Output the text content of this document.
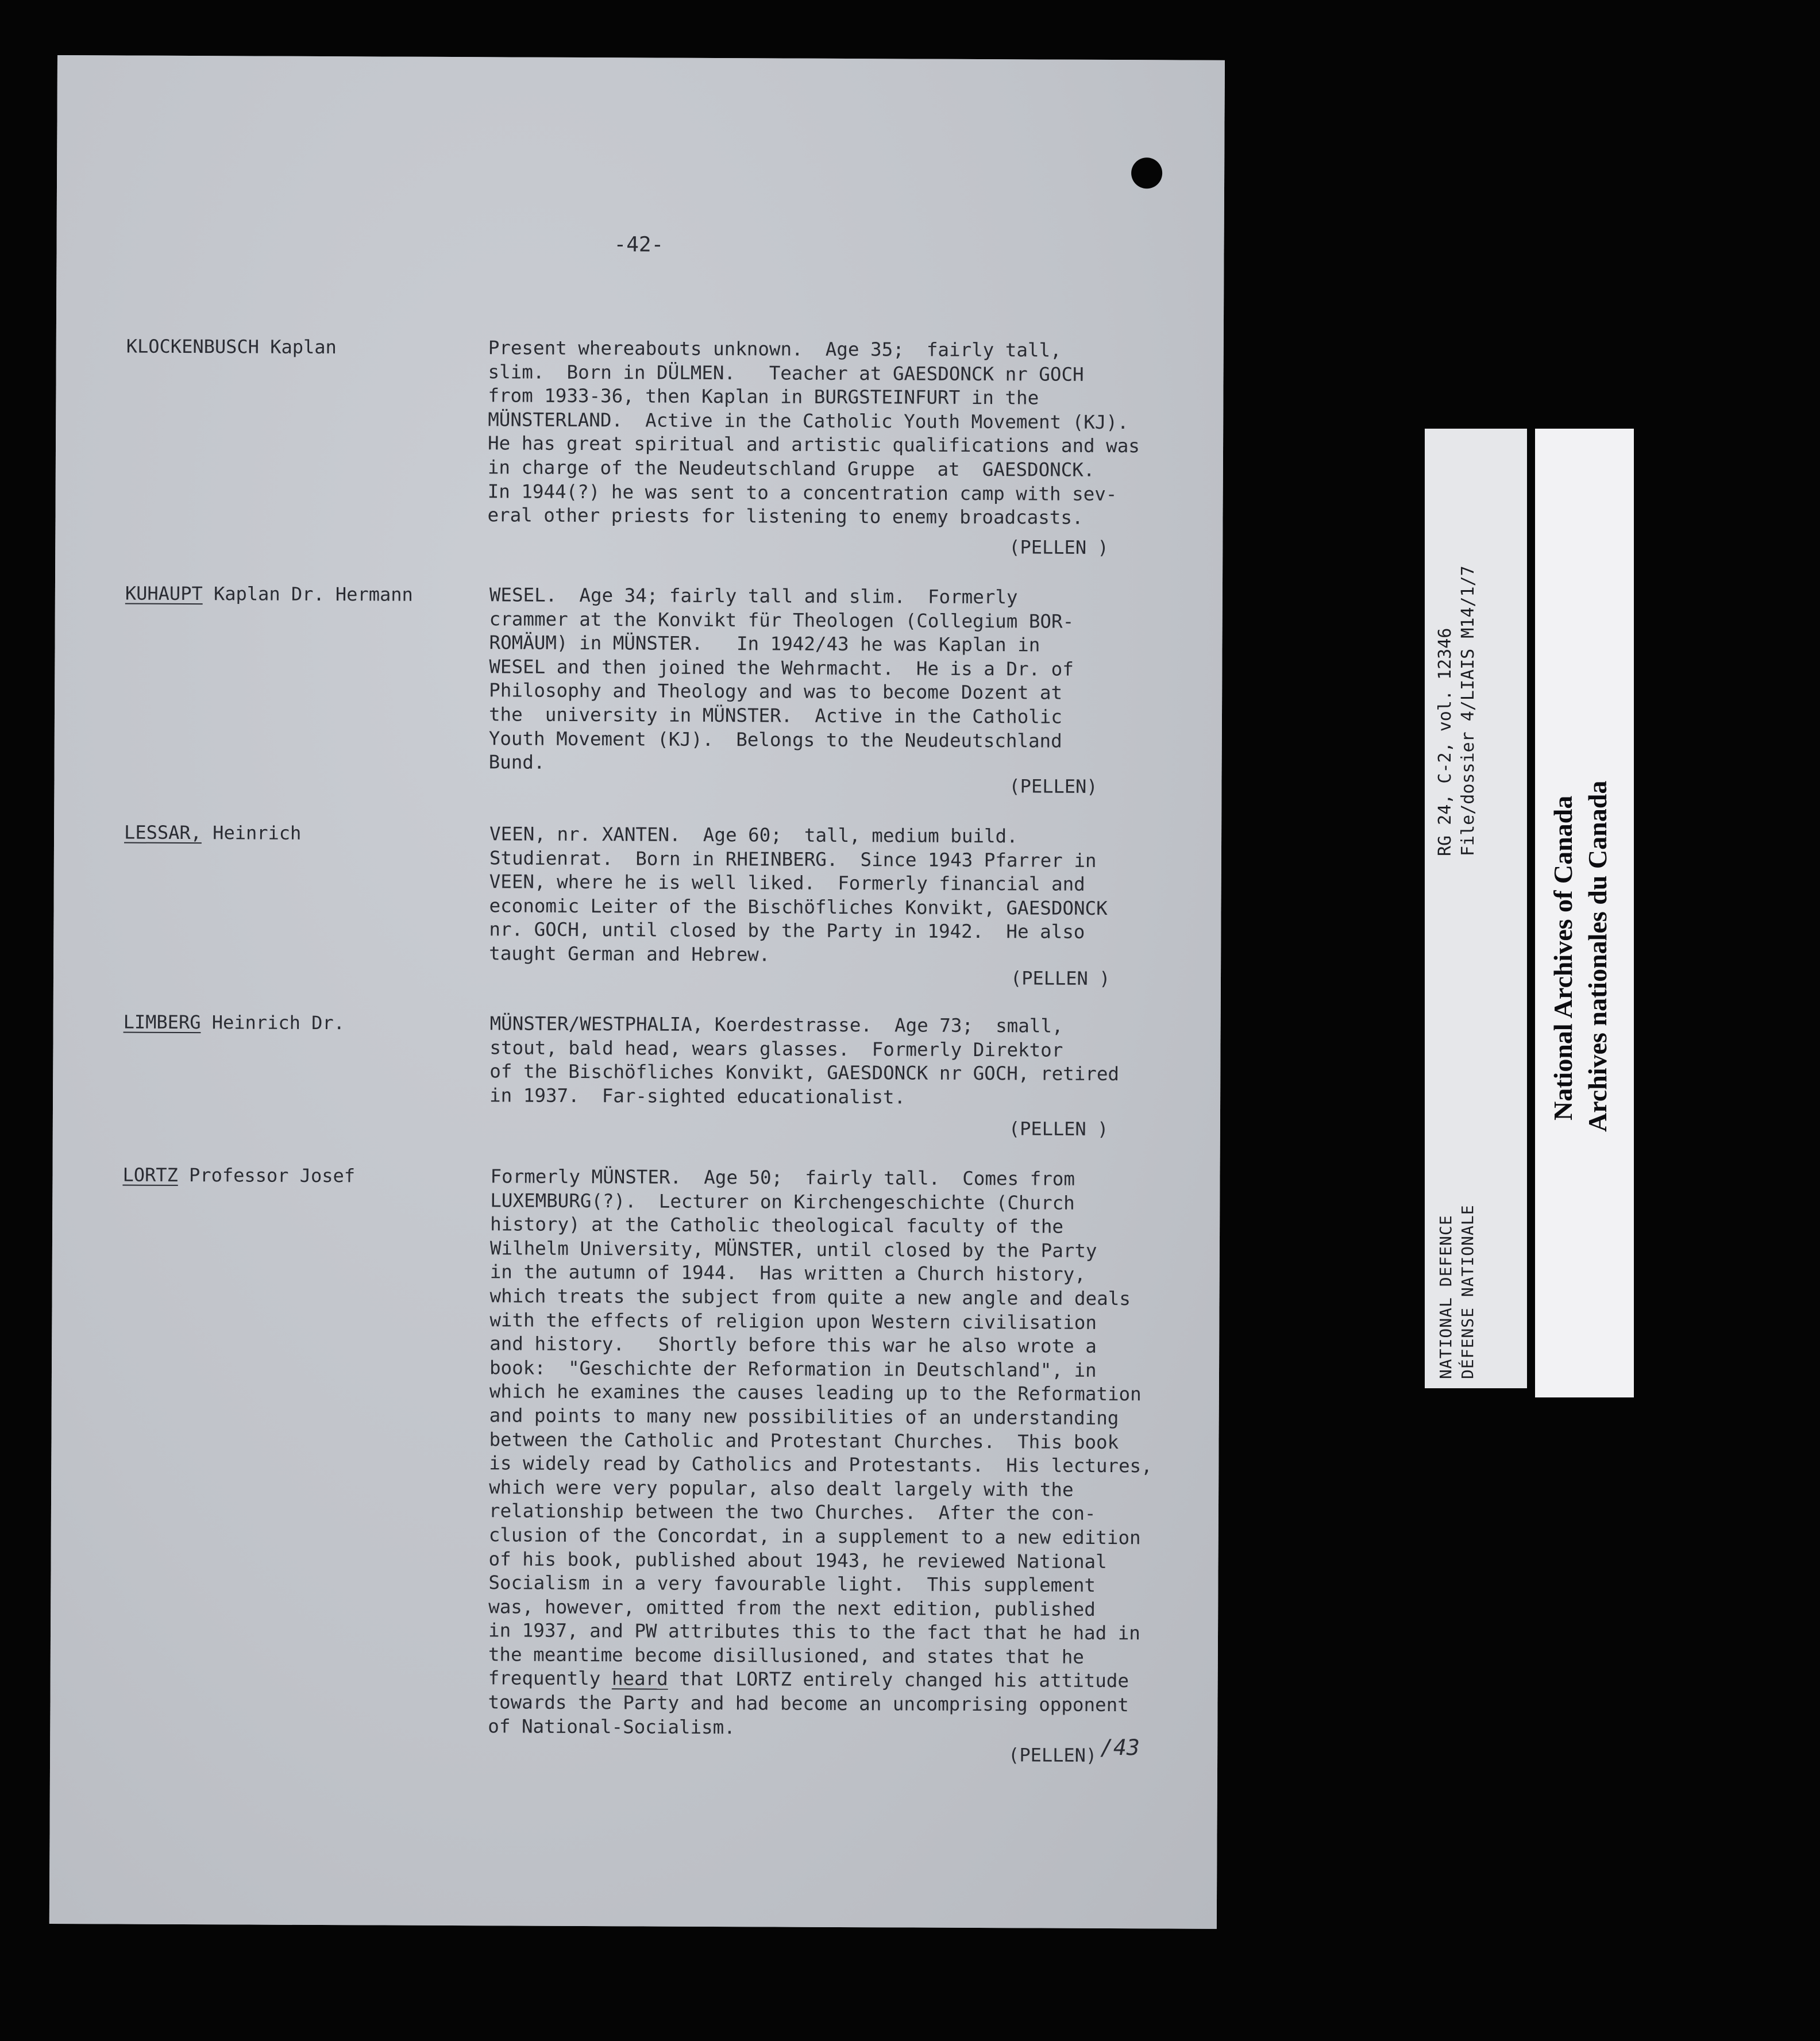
-42-
KLOCKENBUSCH Kaplan	Present whereabouts unknown.  Age 35;  fairly tall,
slim.  Born in DÜLMEN.   Teacher at GAESDONCK nr GOCH
from 1933-36, then Kaplan in BURGSTEINFURT in the
MÜNSTERLAND.  Active in the Catholic Youth Movement (KJ).
He has great spiritual and artistic qualifications and was
in charge of the Neudeutschland Gruppe  at  GAESDONCK.
In 1944(?) he was sent to a concentration camp with sev-
eral other priests for listening to enemy broadcasts.
(PELLEN )
KUHAUPT Kaplan Dr. Hermann	WESEL.  Age 34; fairly tall and slim.  Formerly
crammer at the Konvikt für Theologen (Collegium BOR-
ROMÄUM) in MÜNSTER.   In 1942/43 he was Kaplan in
WESEL and then joined the Wehrmacht.  He is a Dr. of
Philosophy and Theology and was to become Dozent at
the  university in MÜNSTER.  Active in the Catholic
Youth Movement (KJ).  Belongs to the Neudeutschland
Bund.
(PELLEN)
LESSAR, Heinrich	VEEN, nr. XANTEN.  Age 60;  tall, medium build.
Studienrat.  Born in RHEINBERG.  Since 1943 Pfarrer in
VEEN, where he is well liked.  Formerly financial and
economic Leiter of the Bischöfliches Konvikt, GAESDONCK
nr. GOCH, until closed by the Party in 1942.  He also
taught German and Hebrew.
(PELLEN )
LIMBERG Heinrich Dr.	MÜNSTER/WESTPHALIA, Koerdestrasse.  Age 73;  small,
stout, bald head, wears glasses.  Formerly Direktor
of the Bischöfliches Konvikt, GAESDONCK nr GOCH, retired
in 1937.  Far-sighted educationalist.
(PELLEN )
LORTZ Professor Josef	Formerly MÜNSTER.  Age 50;  fairly tall.  Comes from
LUXEMBURG(?).  Lecturer on Kirchengeschichte (Church
history) at the Catholic theological faculty of the
Wilhelm University, MÜNSTER, until closed by the Party
in the autumn of 1944.  Has written a Church history,
which treats the subject from quite a new angle and deals
with the effects of religion upon Western civilisation
and history.   Shortly before this war he also wrote a
book:  "Geschichte der Reformation in Deutschland", in
which he examines the causes leading up to the Reformation
and points to many new possibilities of an understanding
between the Catholic and Protestant Churches.  This book
is widely read by Catholics and Protestants.  His lectures,
which were very popular, also dealt largely with the
relationship between the two Churches.  After the con-
clusion of the Concordat, in a supplement to a new edition
of his book, published about 1943, he reviewed National
Socialism in a very favourable light.  This supplement
was, however, omitted from the next edition, published
in 1937, and PW attributes this to the fact that he had in
the meantime become disillusioned, and states that he
frequently heard that LORTZ entirely changed his attitude
towards the Party and had become an uncomprising opponent
of National-Socialism.
(PELLEN) /43
RG 24, C-2, vol. 12346 File/dossier 4/LIAIS M14/1/7
NATIONAL DEFENCE DÉFENSE NATIONALE
National Archives of Canada Archives nationales du Canada
